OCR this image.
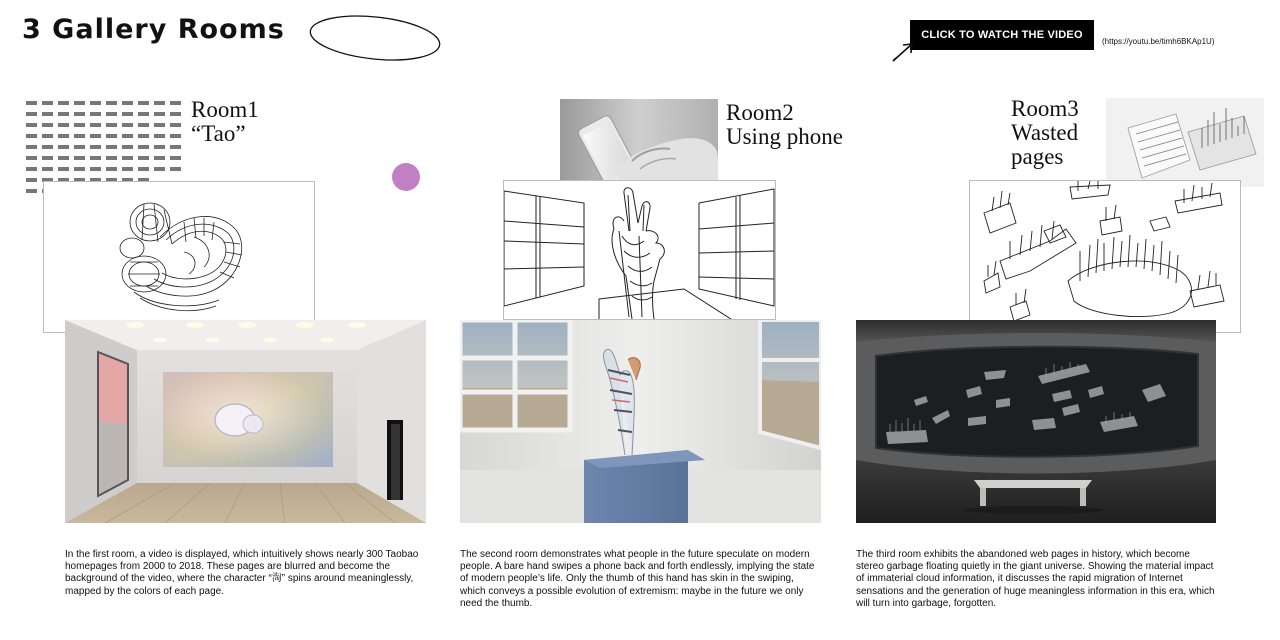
3 Gallery Rooms	CLICK TO WATCH THE VIDEO
(https://youtu.be/timh6BKAp1U)
Room1
“Tao”
In the first room, a video is displayed, which intuitively shows nearly 300 Taobao homepages from 2000 to 2018. These pages are blurred and become the background of the video, where the character “淘” spins around meaninglessly, mapped by the colors of each page.
Room2
Using phone
The second room demonstrates what people in the future speculate on modern people. A bare hand swipes a phone back and forth endlessly, implying the state of modern people’s life. Only the thumb of this hand has skin in the swiping, which conveys a possible evolution of extremism: maybe in the future we only need the thumb.
Room3
Wasted
pages
The third room exhibits the abandoned web pages in history, which become stereo garbage floating quietly in the giant universe. Showing the material impact of immaterial cloud information, it discusses the rapid migration of Internet sensations and the generation of huge meaningless information in this era, which will turn into garbage, forgotten.
